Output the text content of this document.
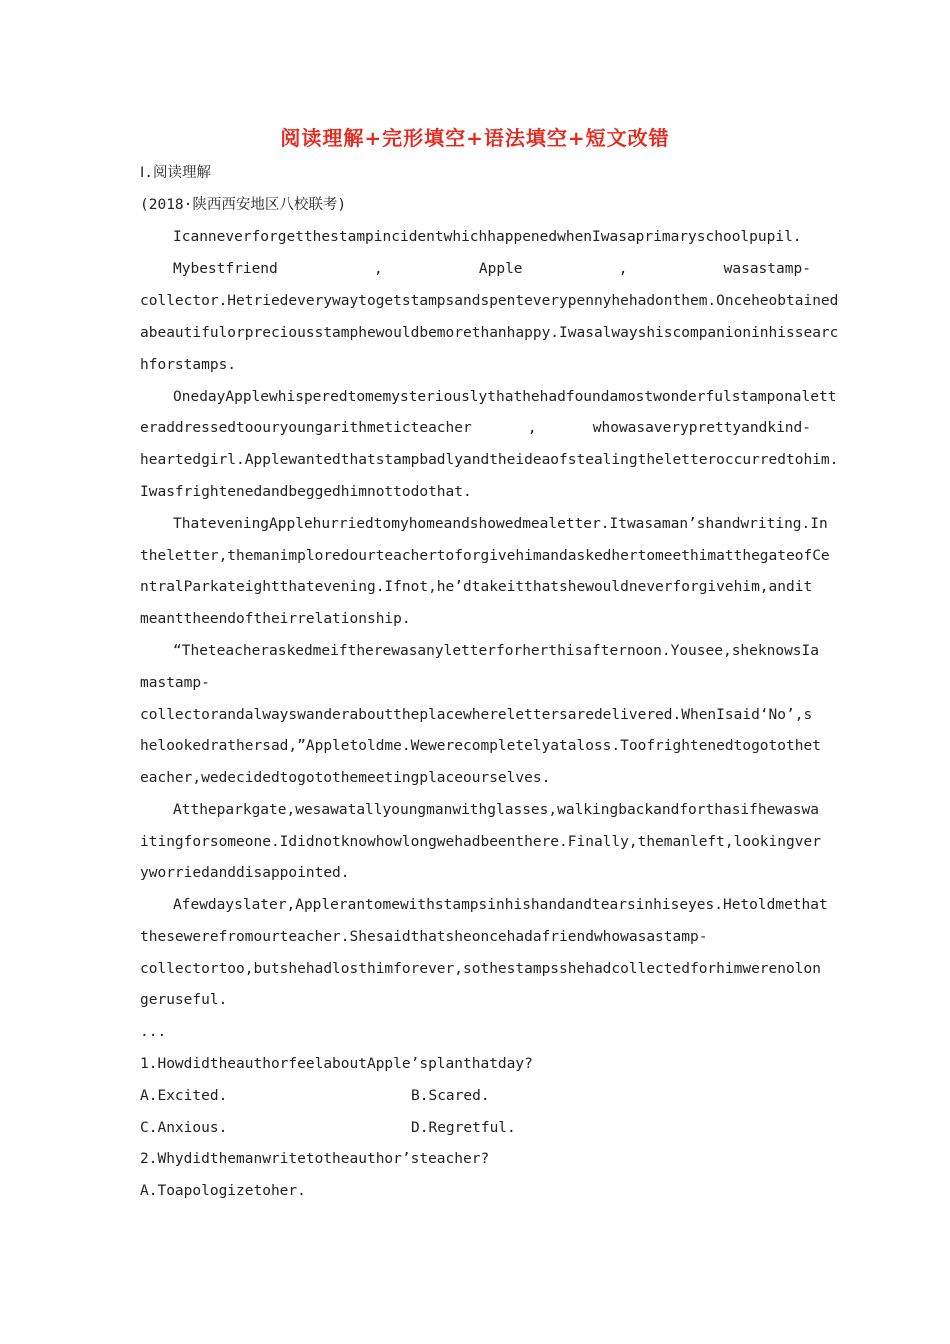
阅读理解+完形填空+语法填空+短文改错
Ⅰ.阅读理解
(2018·陕西西安地区八校联考)
IcanneverforgetthestampincidentwhichhappenedwhenIwasaprimaryschoolpupil.
Mybestfriend	,	Apple	,	wasastamp-
collector.Hetriedeverywaytogetstampsandspenteverypennyhehadonthem.Onceheobtained
abeautifulorpreciousstamphewouldbemorethanhappy.Iwasalwayshiscompanioninhissearc
hforstamps.
OnedayApplewhisperedtomemysteriouslythathehadfoundamostwonderfulstamponalett
eraddressedtoouryoungarithmeticteacher	,	whowasaveryprettyandkind-
heartedgirl.Applewantedthatstampbadlyandtheideaofstealingtheletteroccurredtohim.
Iwasfrightenedandbeggedhimnottodothat.
ThateveningApplehurriedtomyhomeandshowedmealetter.Itwasaman’shandwriting.In
theletter,themanimploredourteachertoforgivehimandaskedhertomeethimatthegateofCe
ntralParkateightthatevening.Ifnot,he’dtakeitthatshewouldneverforgivehim,andit
meanttheendoftheirrelationship.
“Theteacheraskedmeiftherewasanyletterforherthisafternoon.Yousee,sheknowsIa
mastamp-
collectorandalwayswanderabouttheplacewherelettersaredelivered.WhenIsaid‘No’,s
helookedrathersad,”Appletoldme.Wewerecompletelyataloss.Toofrightenedtogotothet
eacher,wedecidedtogotothemeetingplaceourselves.
Attheparkgate,wesawatallyoungmanwithglasses,walkingbackandforthasifhewaswa
itingforsomeone.Ididnotknowhowlongwehadbeenthere.Finally,themanleft,lookingver
yworriedanddisappointed.
Afewdayslater,Applerantomewithstampsinhishandandtearsinhiseyes.Hetoldmethat
thesewerefromourteacher.Shesaidthatsheoncehadafriendwhowasastamp-
collectortoo,butshehadlosthimforever,sothestampsshehadcollectedforhimwerenolon
geruseful.
...
1.HowdidtheauthorfeelaboutApple’splanthatday?
A.Excited.	B.Scared.
C.Anxious.	D.Regretful.
2.Whydidthemanwritetotheauthor’steacher?
A.Toapologizetoher.
